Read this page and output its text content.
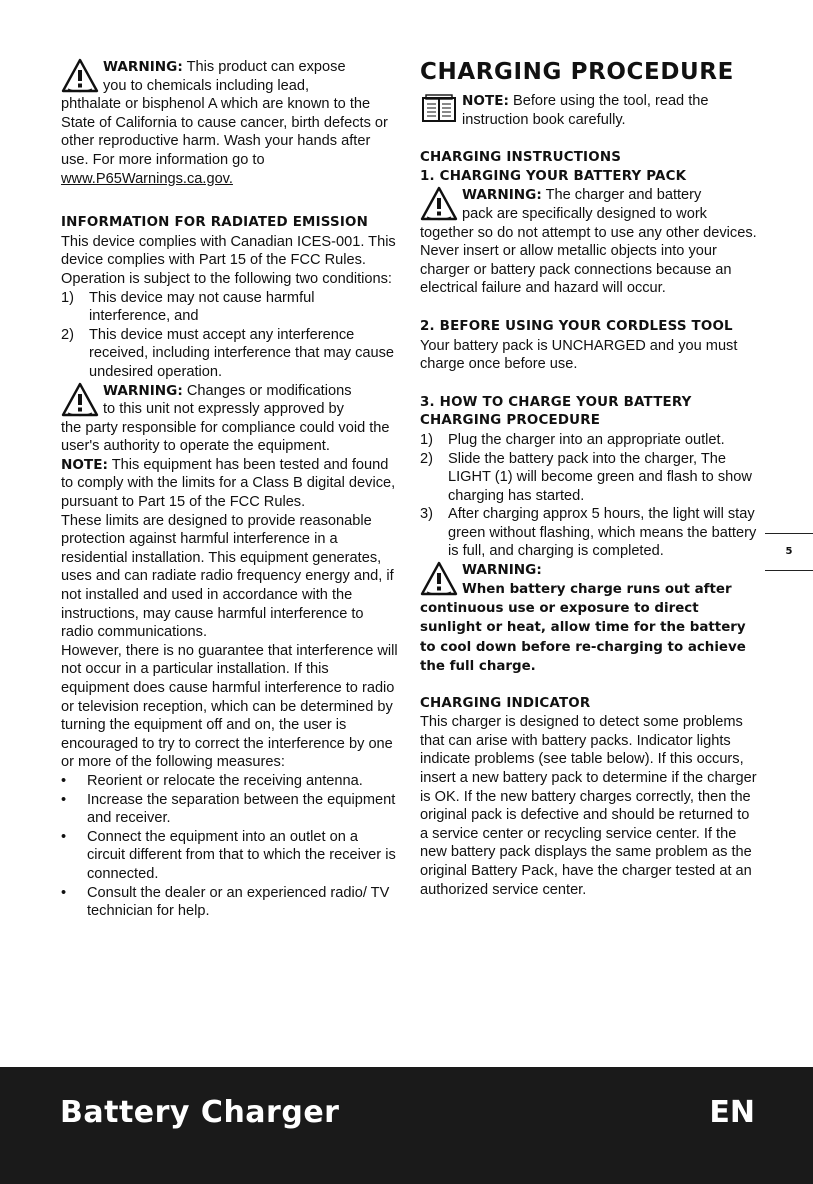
WARNING: This product can expose

you to chemicals including lead,

phthalate or bisphenol A which are known to the State of California to cause cancer, birth defects or other reproductive harm. Wash your hands after use. For more information go to
www.P65Warnings.ca.gov.

INFORMATION FOR RADIATED EMISSION

This device complies with Canadian ICES-001. This device complies with Part 15 of the FCC Rules.

Operation is subject to the following two conditions:

1) This device may not cause harmful interference, and
2) This device must accept any interference received, including interference that may cause undesired operation.

WARNING: Changes or modifications

to this unit not expressly approved by

the party responsible for compliance could void the user's authority to operate the equipment.

NOTE: This equipment has been tested and found to comply with the limits for a Class B digital device, pursuant to Part 15 of the FCC Rules.

These limits are designed to provide reasonable protection against harmful interference in a residential installation. This equipment generates, uses and can radiate radio frequency energy and, if not installed and used in accordance with the instructions, may cause harmful interference to radio communications.

However, there is no guarantee that interference will not occur in a particular installation. If this equipment does cause harmful interference to radio or television reception, which can be determined by turning the equipment off and on, the user is encouraged to try to correct the interference by one or more of the following measures:

• Reorient or relocate the receiving antenna.
• Increase the separation between the equipment and receiver.
• Connect the equipment into an outlet on a circuit different from that to which the receiver is connected.
• Consult the dealer or an experienced radio/ TV technician for help.

CHARGING PROCEDURE

NOTE: Before using the tool, read the

instruction book carefully.

CHARGING INSTRUCTIONS

1. CHARGING YOUR BATTERY PACK

WARNING: The charger and battery

pack are specifically designed to work

together so do not attempt to use any other devices. Never insert or allow metallic objects into your charger or battery pack connections because an electrical failure and hazard will occur.

2. BEFORE USING YOUR CORDLESS TOOL

Your battery pack is UNCHARGED and you must charge once before use.

3. HOW TO CHARGE YOUR BATTERY CHARGING PROCEDURE

1) Plug the charger into an appropriate outlet.
2) Slide the battery pack into the charger, The LIGHT (1) will become green and flash to show charging has started.
3) After charging approx 5 hours, the light will stay green without flashing, which means the battery is full, and charging is completed.

WARNING:

When battery charge runs out after

continuous use or exposure to direct sunlight or heat, allow time for the battery to cool down before re-charging to achieve the full charge.

CHARGING INDICATOR

This charger is designed to detect some problems that can arise with battery packs. Indicator lights indicate problems (see table below). If this occurs, insert a new battery pack to determine if the charger is OK. If the new battery charges correctly, then the original pack is defective and should be returned to a service center or recycling service center. If the new battery pack displays the same problem as the original Battery Pack, have the charger tested at an authorized service center.

5
Battery Charger	EN
